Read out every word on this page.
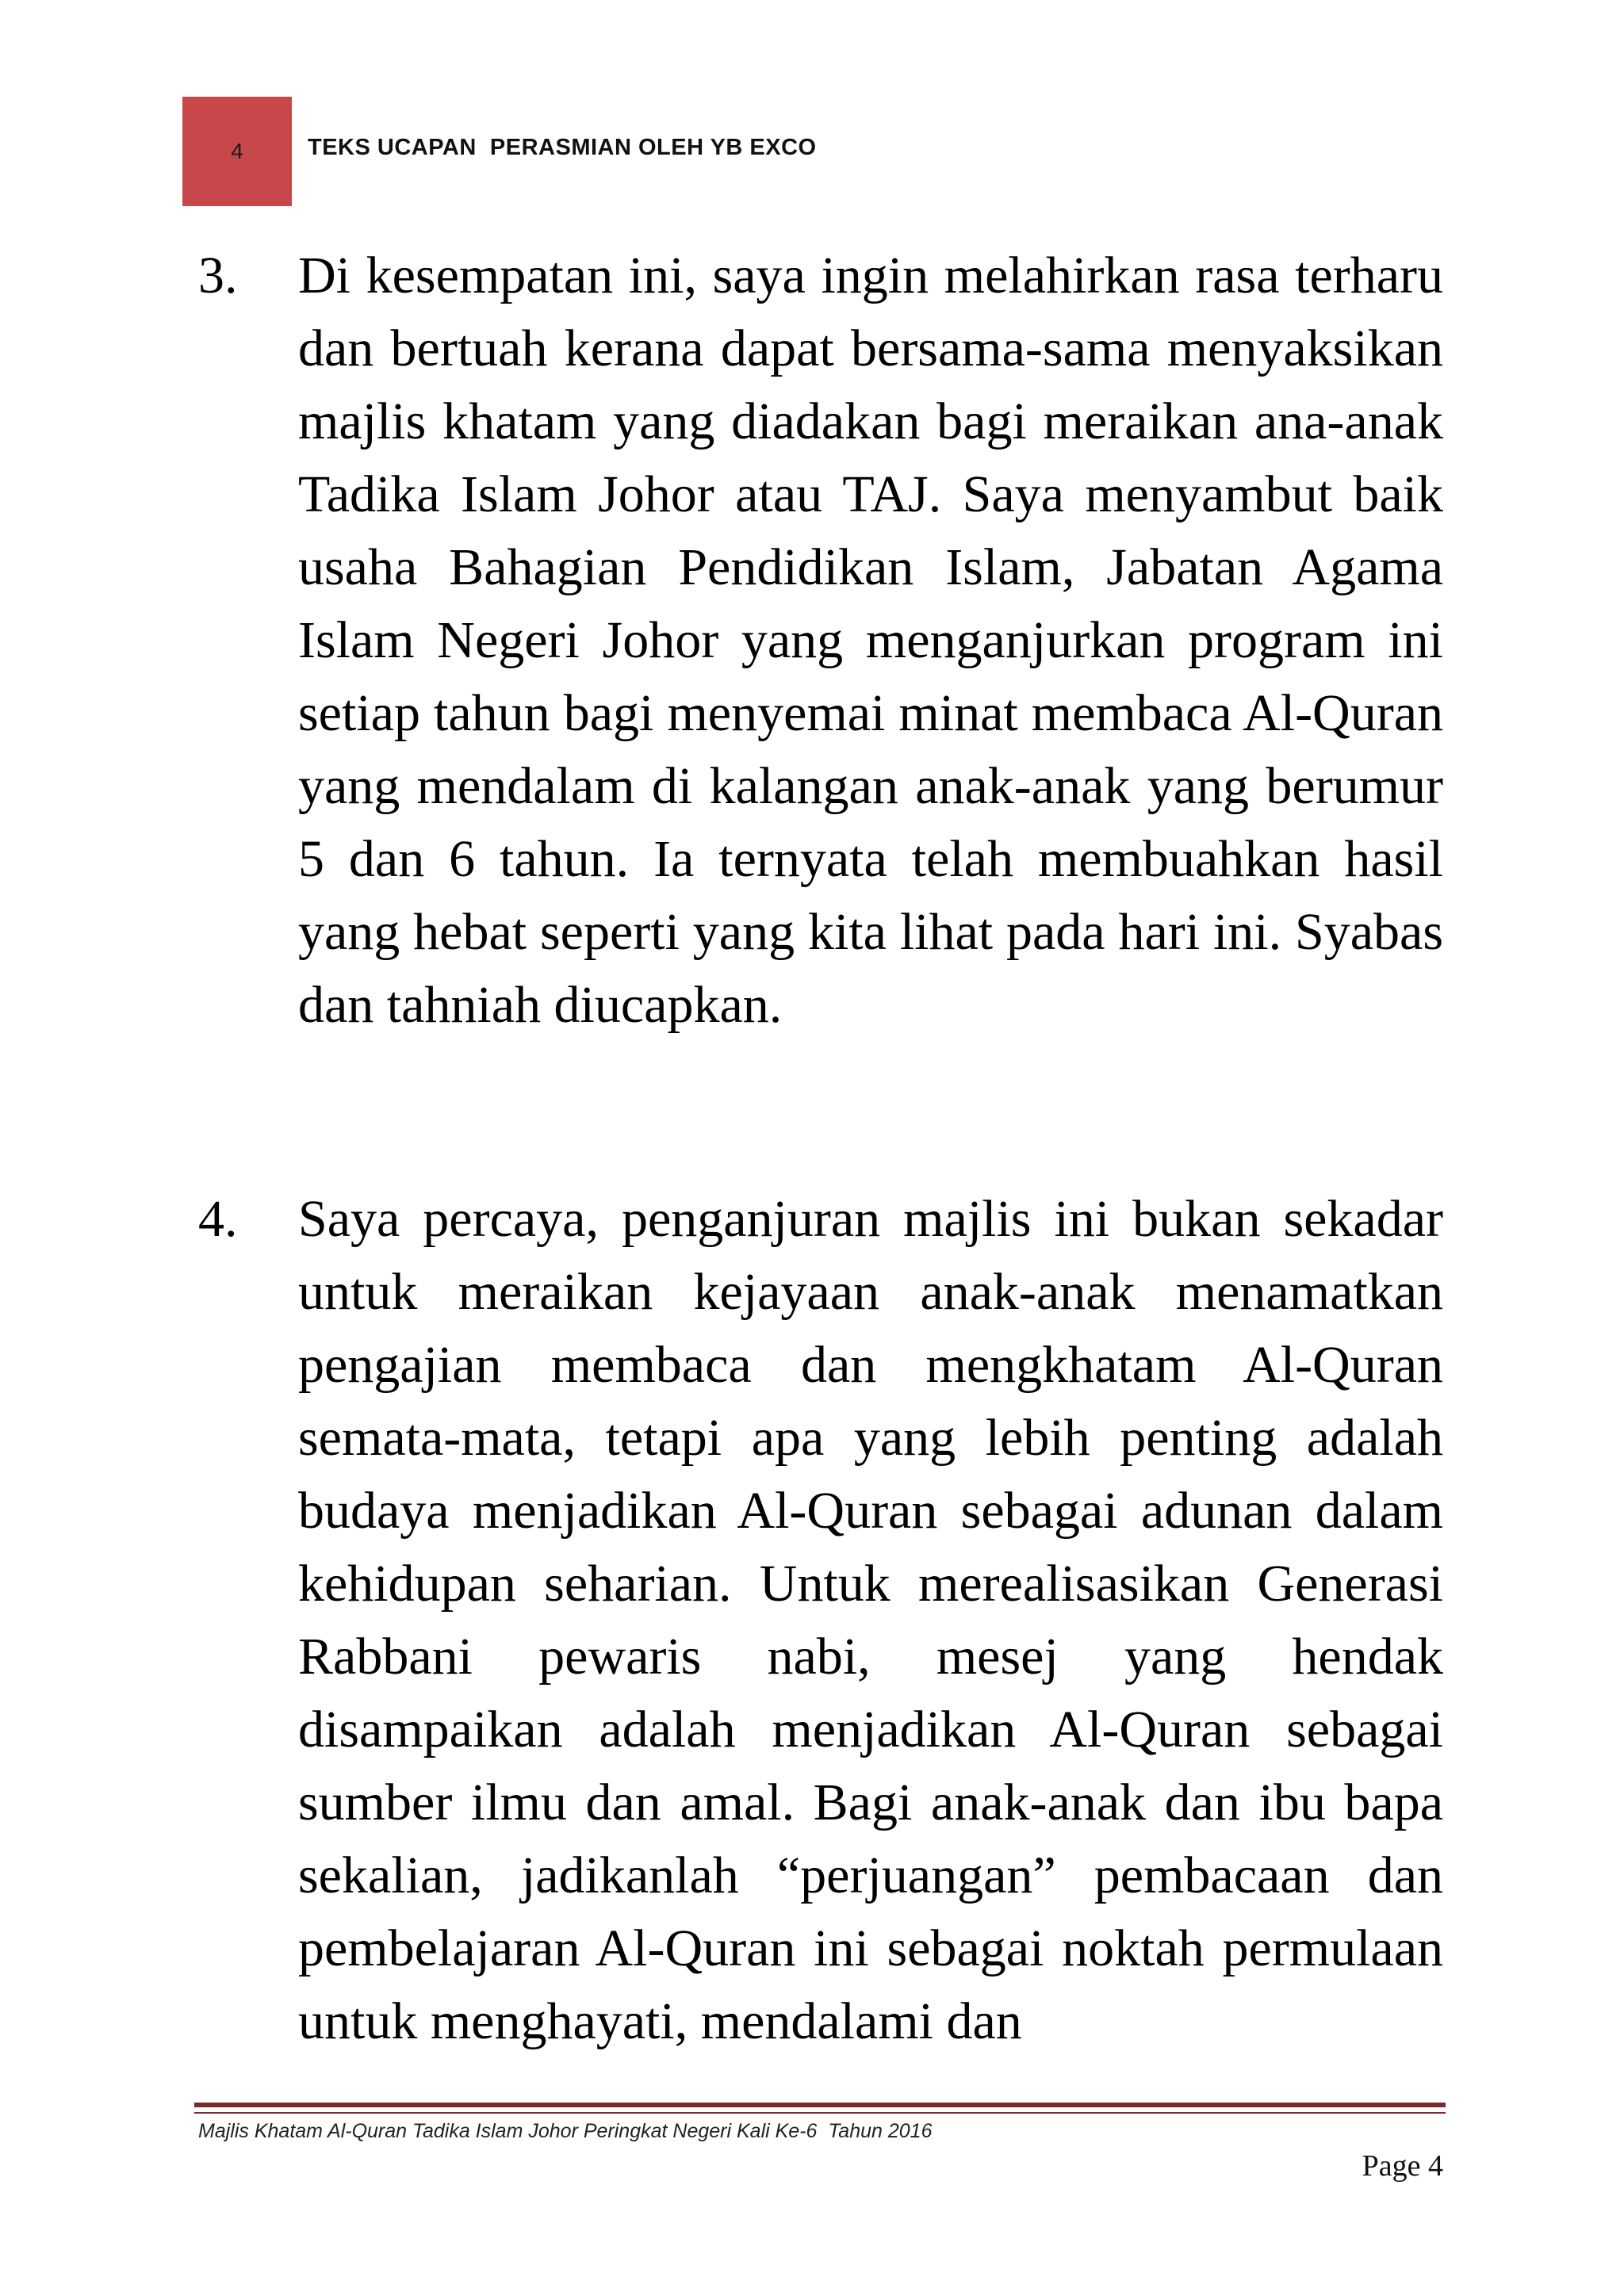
4	TEKS UCAPAN  PERASMIAN OLEH YB EXCO
3. Di kesempatan ini, saya ingin melahirkan rasa terharu dan bertuah kerana dapat bersama-sama menyaksikan majlis khatam yang diadakan bagi meraikan ana-anak Tadika Islam Johor atau TAJ. Saya menyambut baik usaha Bahagian Pendidikan Islam, Jabatan Agama  Islam Negeri Johor yang menganjurkan program ini setiap tahun bagi menyemai minat membaca Al-Quran yang mendalam di kalangan anak-anak yang berumur 5 dan 6 tahun. Ia ternyata telah membuahkan hasil yang hebat seperti yang kita lihat pada hari ini. Syabas dan tahniah diucapkan.
4. Saya percaya, penganjuran majlis ini bukan sekadar untuk meraikan kejayaan anak-anak menamatkan pengajian membaca dan mengkhatam Al-Quran semata-mata, tetapi apa yang lebih penting adalah budaya menjadikan Al-Quran sebagai adunan dalam kehidupan seharian. Untuk merealisasikan Generasi Rabbani pewaris nabi, mesej yang hendak disampaikan adalah menjadikan Al-Quran sebagai sumber ilmu dan amal. Bagi anak-anak dan ibu bapa sekalian, jadikanlah “perjuangan” pembacaan dan pembelajaran Al-Quran ini sebagai noktah permulaan untuk menghayati, mendalami dan
Majlis Khatam Al-Quran Tadika Islam Johor Peringkat Negeri Kali Ke-6  Tahun 2016
Page 4
